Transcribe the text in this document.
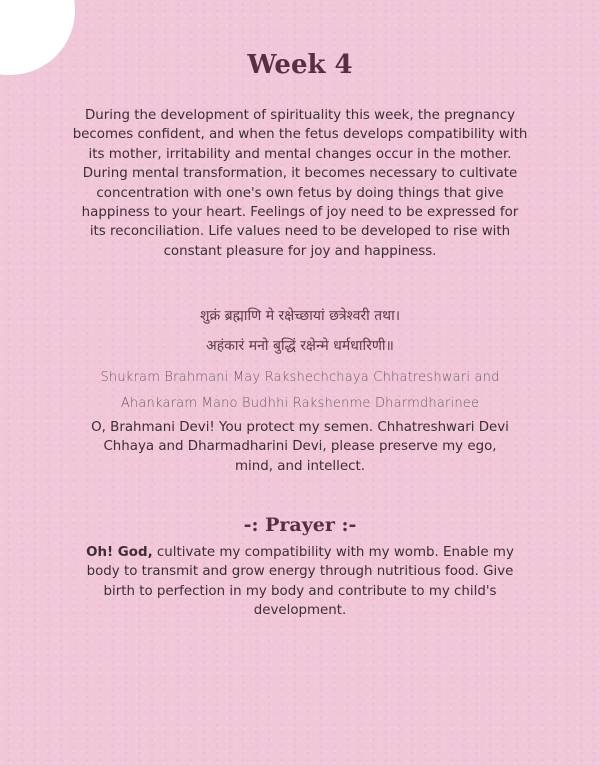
Week 4

During the development of spirituality this week, the pregnancy becomes confident, and when the fetus develops compatibility with its mother, irritability and mental changes occur in the mother. During mental transformation, it becomes necessary to cultivate concentration with one's own fetus by doing things that give happiness to your heart. Feelings of joy need to be expressed for its reconciliation. Life values need to be developed to rise with constant pleasure for joy and happiness.

शुक्रं ब्रह्माणि मे रक्षेच्छायां छत्रेश्वरी तथा।

अहंकारं मनो बुद्धिं रक्षेन्मे धर्मधारिणी॥

Shukram Brahmani May Rakshechchaya Chhatreshwari and

Ahankaram Mano Budhhi Rakshenme Dharmdharinee

O, Brahmani Devi! You protect my semen. Chhatreshwari Devi Chhaya and Dharmadharini Devi, please preserve my ego, mind, and intellect.

-: Prayer :-

Oh! God, cultivate my compatibility with my womb. Enable my body to transmit and grow energy through nutritious food. Give birth to perfection in my body and contribute to my child's development.
